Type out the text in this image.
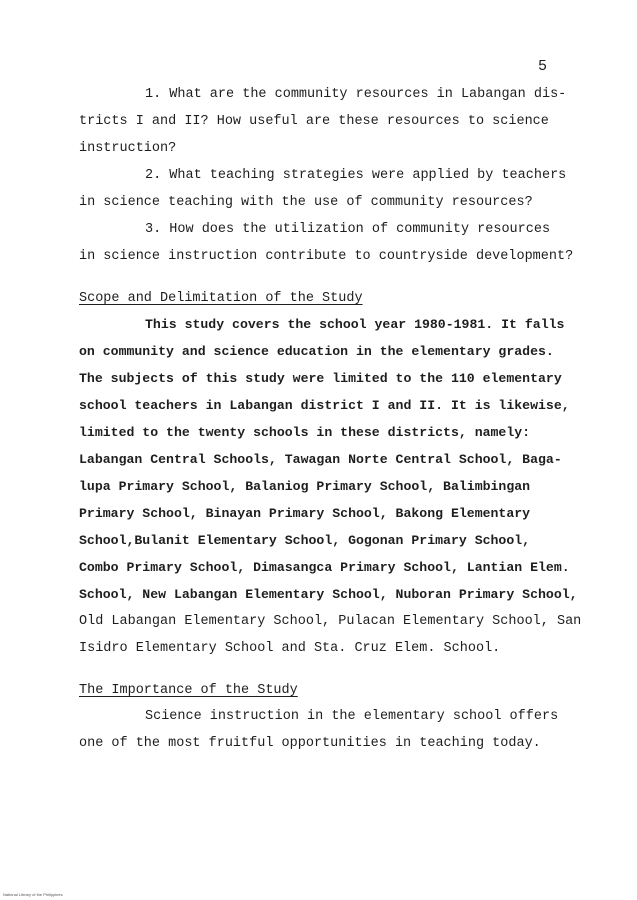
5
1. What are the community resources in Labangan dis-
tricts I and II? How useful are these resources to science
instruction?
2. What teaching strategies were applied by teachers
in science teaching with the use of community resources?
3. How does the utilization of community resources
in science instruction contribute to countryside development?
Scope and Delimitation of the Study
This study covers the school year 1980-1981. It falls
on community and science education in the elementary grades.
The subjects of this study were limited to the 110 elementary
school teachers in Labangan district I and II. It is likewise,
limited to the twenty schools in these districts, namely:
Labangan Central Schools, Tawagan Norte Central School, Baga-
lupa Primary School, Balaniog Primary School, Balimbingan
Primary School, Binayan Primary School, Bakong Elementary
School,Bulanit Elementary School, Gogonan Primary School,
Combo Primary School, Dimasangca Primary School, Lantian Elem.
School, New Labangan Elementary School, Nuboran Primary School,
Old Labangan Elementary School, Pulacan Elementary School, San
Isidro Elementary School and Sta. Cruz Elem. School.
The Importance of the Study
Science instruction in the elementary school offers
one of the most fruitful opportunities in teaching today.
National Library of the Philippines
